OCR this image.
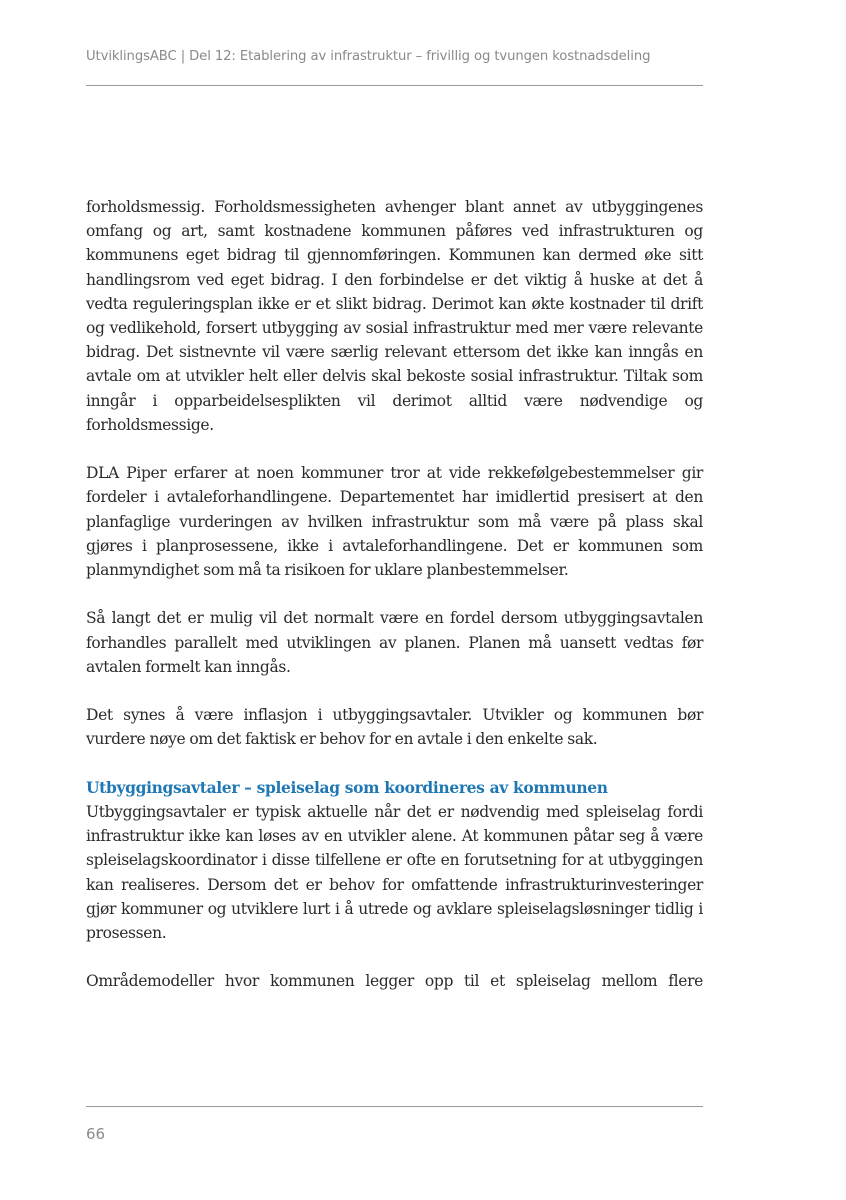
UtviklingsABC | Del 12: Etablering av infrastruktur – frivillig og tvungen kostnadsdeling

forholdsmessig. Forholdsmessigheten avhenger blant annet av utbyggingenes omfang og art, samt kostnadene kommunen påføres ved infrastrukturen og kommunens eget bidrag til gjennomføringen. Kommunen kan dermed øke sitt handlingsrom ved eget bidrag. I den forbindelse er det viktig å huske at det å vedta reguleringsplan ikke er et slikt bidrag. Derimot kan økte kostnader til drift og vedlikehold, forsert utbygging av sosial infrastruktur med mer være relevante bidrag. Det sistnevnte vil være særlig relevant ettersom det ikke kan inngås en avtale om at utvikler helt eller delvis skal bekoste sosial infrastruktur. Tiltak som inngår i opparbeidelsesplikten vil derimot alltid være nødvendige og forholdsmessige.

DLA Piper erfarer at noen kommuner tror at vide rekkefølgebestemmelser gir fordeler i avtaleforhandlingene. Departementet har imidlertid presisert at den planfaglige vurderingen av hvilken infrastruktur som må være på plass skal gjøres i planprosessene, ikke i avtaleforhandlingene. Det er kommunen som planmyndighet som må ta risikoen for uklare planbestemmelser.

Så langt det er mulig vil det normalt være en fordel dersom utbyggingsavtalen forhandles parallelt med utviklingen av planen. Planen må uansett vedtas før avtalen formelt kan inngås.

Det synes å være inflasjon i utbyggingsavtaler. Utvikler og kommunen bør vurdere nøye om det faktisk er behov for en avtale i den enkelte sak.

Utbyggingsavtaler – spleiselag som koordineres av kommunen

Utbyggingsavtaler er typisk aktuelle når det er nødvendig med spleiselag fordi infrastruktur ikke kan løses av en utvikler alene. At kommunen påtar seg å være spleiselagskoordinator i disse tilfellene er ofte en forutsetning for at utbyggingen kan realiseres. Dersom det er behov for omfattende infrastrukturinvesteringer gjør kommuner og utviklere lurt i å utrede og avklare spleiselagsløsninger tidlig i prosessen.

Områdemodeller hvor kommunen legger opp til et spleiselag mellom flere

66
